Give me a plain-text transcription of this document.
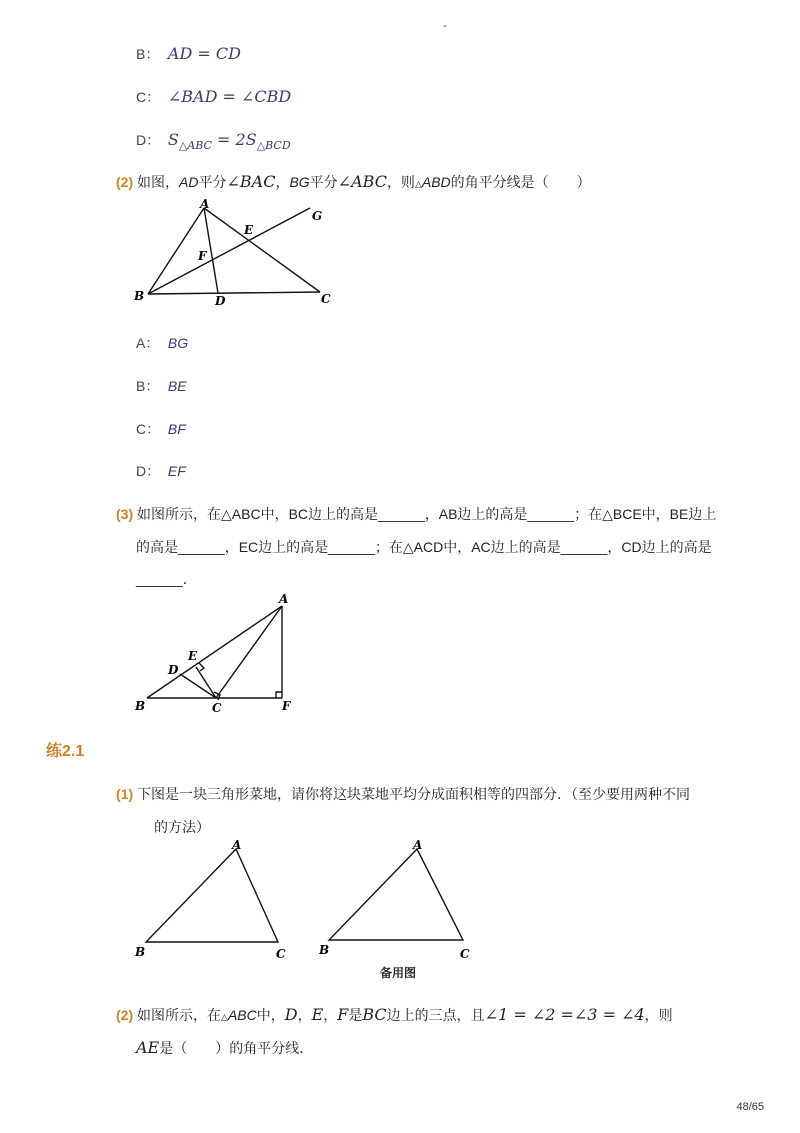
-
B： AD = CD
C： ∠BAD = ∠CBD
D： $S_{\triangle ABC} = 2S_{\triangle BCD}$
(2) 如图，AD平分∠BAC，BG平分∠ABC，则△ABD的角平分线是（　　）
A
B	C
D
E
F
G
A： BG
B： BE
C： BF
D： EF
(3) 如图所示，在△ABC中，BC边上的高是______，AB边上的高是______；在△BCE中，BE边上
的高是______，EC边上的高是______；在△ACD中，AC边上的高是______，CD边上的高是
______．
A
B	C
D
E
F
练2.1
(1) 下图是一块三角形菜地，请你将这块菜地平均分成面积相等的四部分．（至少要用两种不同
的方法）
A
B	C
A
B	C
备用图
(2) 如图所示，在△ABC中，D，E，F是BC边上的三点，且∠1 = ∠2 =∠3 = ∠4，则
AE是（　　）的角平分线．
48/65
